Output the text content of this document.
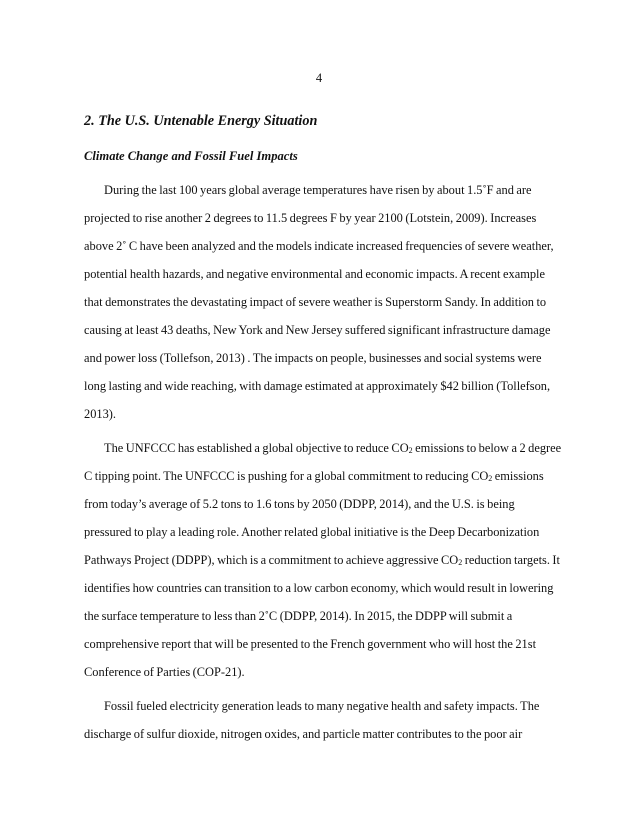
4
2. The U.S. Untenable Energy Situation
Climate Change and Fossil Fuel Impacts

During the last 100 years global average temperatures have risen by about 1.5˚F and are projected to rise another 2 degrees to 11.5 degrees F by year 2100 (Lotstein, 2009). Increases above 2˚ C have been analyzed and the models indicate increased frequencies of severe weather, potential health hazards, and negative environmental and economic impacts. A recent example that demonstrates the devastating impact of severe weather is Superstorm Sandy. In addition to causing at least 43 deaths, New York and New Jersey suffered significant infrastructure damage and power loss (Tollefson, 2013) . The impacts on people, businesses and social systems were long lasting and wide reaching, with damage estimated at approximately $42 billion (Tollefson, 2013).

The UNFCCC has established a global objective to reduce $CO_2$ emissions to below a 2 degree C tipping point. The UNFCCC is pushing for a global commitment to reducing $CO_2$ emissions from today’s average of 5.2 tons to 1.6 tons by 2050 (DDPP, 2014), and the U.S. is being pressured to play a leading role. Another related global initiative is the Deep Decarbonization Pathways Project (DDPP), which is a commitment to achieve aggressive $CO_2$ reduction targets. It identifies how countries can transition to a low carbon economy, which would result in lowering the surface temperature to less than 2˚C (DDPP, 2014). In 2015, the DDPP will submit a comprehensive report that will be presented to the French government who will host the 21st Conference of Parties (COP-21).

Fossil fueled electricity generation leads to many negative health and safety impacts. The discharge of sulfur dioxide, nitrogen oxides, and particle matter contributes to the poor air
